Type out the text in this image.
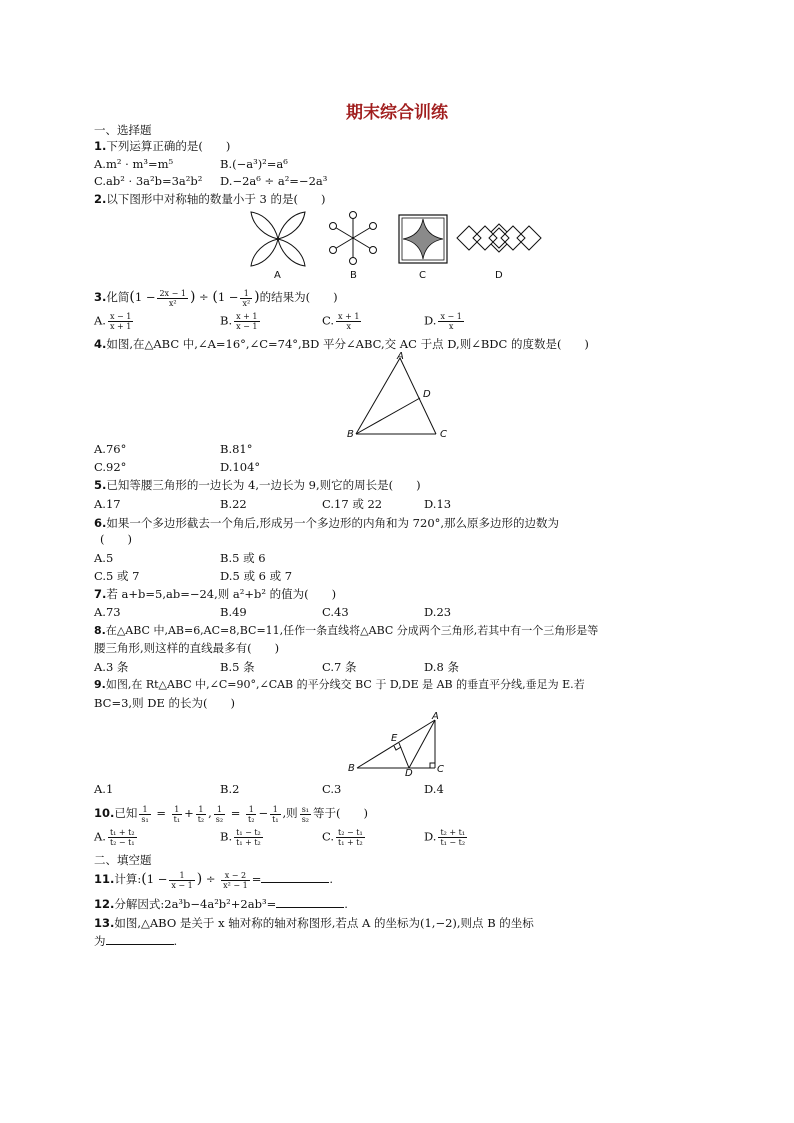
期末综合训练
一、选择题
1.下列运算正确的是(　　)
A.m² · m³=m⁵	B.(−a³)²=a⁶
C.ab² · 3a²b=3a²b² D.−2a⁶ ÷ a²=−2a³
2.以下图形中对称轴的数量小于 3 的是(　　)
A	B	C	D
3.化简($1 - \frac{2x - 1}{\text{x²}}$ ) ÷ ($1 - \frac{1}{\text{x²}}$ )的结果为(　　)
A. $\frac{x - 1}{x + 1}$	B. $\frac{x + 1}{x - 1}$	C. $\frac{x + 1}{x}$	D. $\frac{x - 1}{x}$
4.如图,在△ABC 中,∠A=16°,∠C=74°,BD 平分∠ABC,交 AC 于点 D,则∠BDC 的度数是(　　)
A
D
B	C
A.76°	B.81°
C.92°	D.104°
5.已知等腰三角形的一边长为 4,一边长为 9,则它的周长是(　　)
A.17	B.22	C.17 或 22	D.13
6.如果一个多边形截去一个角后,形成另一个多边形的内角和为 720°,那么原多边形的边数为
(　　)
A.5	B.5 或 6
C.5 或 7	D.5 或 6 或 7
7.若 a+b=5,ab=−24,则 a²+b² 的值为(　　)
A.73	B.49	C.43	D.23
8.在△ABC 中,AB=6,AC=8,BC=11,任作一条直线将△ABC 分成两个三角形,若其中有一个三角形是等
腰三角形,则这样的直线最多有(　　)
A.3 条	B.5 条	C.7 条	D.8 条
9.如图,在 Rt△ABC 中,∠C=90°,∠CAB 的平分线交 BC 于 D,DE 是 AB 的垂直平分线,垂足为 E.若
BC=3,则 DE 的长为(　　)
A
E
B	D C
A.1	B.2	C.3	D.4
10.已知 $\frac{1}{\text{s₁}} = \frac{1}{\text{t₁}} + \frac{1}{\text{t₂}}$ , $\frac{1}{\text{s₂}} = \frac{1}{\text{t₂}} - \frac{1}{\text{t₁}}$ ,则 $\frac{\text{s₁}}{\text{s₂}}$ 等于(　　)
A. $\frac{\text{t₁ + t₂}}{\text{t₂ − t₁}}$	B. $\frac{\text{t₁ − t₂}}{\text{t₁ + t₂}}$	C. $\frac{\text{t₂ − t₁}}{\text{t₁ + t₂}}$	D. $\frac{\text{t₂ + t₁}}{\text{t₁ − t₂}}$
二、填空题
11.计算:(1 − $\frac{1}{x - 1}$ ) ÷ $\frac{x - 2}{\text{x² − 1}}$ =	.
12.分解因式:2a³b−4a²b²+2ab³=	.
13.如图,△ABO 是关于 x 轴对称的轴对称图形,若点 A 的坐标为(1,−2),则点 B 的坐标
为	.
